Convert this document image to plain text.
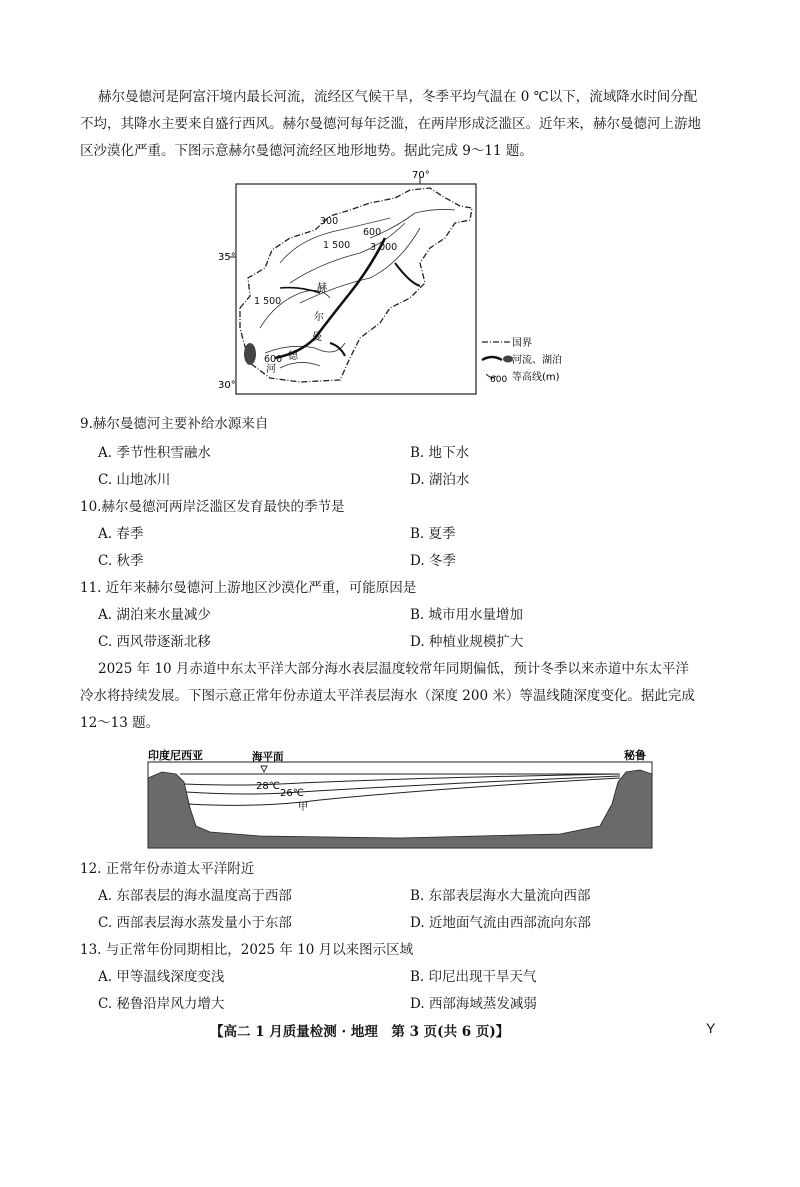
赫尔曼德河是阿富汗境内最长河流，流经区气候干旱，冬季平均气温在 0 ℃以下，流域降水时间分配
不均，其降水主要来自盛行西风。赫尔曼德河每年泛滥，在两岸形成泛滥区。近年来，赫尔曼德河上游地
区沙漠化严重。下图示意赫尔曼德河流经区地形地势。据此完成 9～11 题。
70°
35°
30°
300
600
1 500 3 000
1 500
600
赫
尔
曼
德
河
国界
河流、湖泊
600 等高线(m)
9.赫尔曼德河主要补给水源来自
A. 季节性积雪融水	B. 地下水
C. 山地冰川	D. 湖泊水
10.赫尔曼德河两岸泛滥区发育最快的季节是
A. 春季	B. 夏季
C. 秋季	D. 冬季
11. 近年来赫尔曼德河上游地区沙漠化严重，可能原因是
A. 湖泊来水量减少	B. 城市用水量增加
C. 西风带逐渐北移	D. 种植业规模扩大
2025 年 10 月赤道中东太平洋大部分海水表层温度较常年同期偏低，预计冬季以来赤道中东太平洋
冷水将持续发展。下图示意正常年份赤道太平洋表层海水（深度 200 米）等温线随深度变化。据此完成
12～13 题。
印度尼西亚	秘鲁
海平面
28℃
26℃
甲
12. 正常年份赤道太平洋附近
A. 东部表层的海水温度高于西部	B. 东部表层海水大量流向西部
C. 西部表层海水蒸发量小于东部	D. 近地面气流由西部流向东部
13. 与正常年份同期相比，2025 年 10 月以来图示区域
A. 甲等温线深度变浅	B. 印尼出现干旱天气
C. 秘鲁沿岸风力增大	D. 西部海域蒸发减弱
【高二 1 月质量检测 · 地理　第 3 页(共 6 页)】	Y
